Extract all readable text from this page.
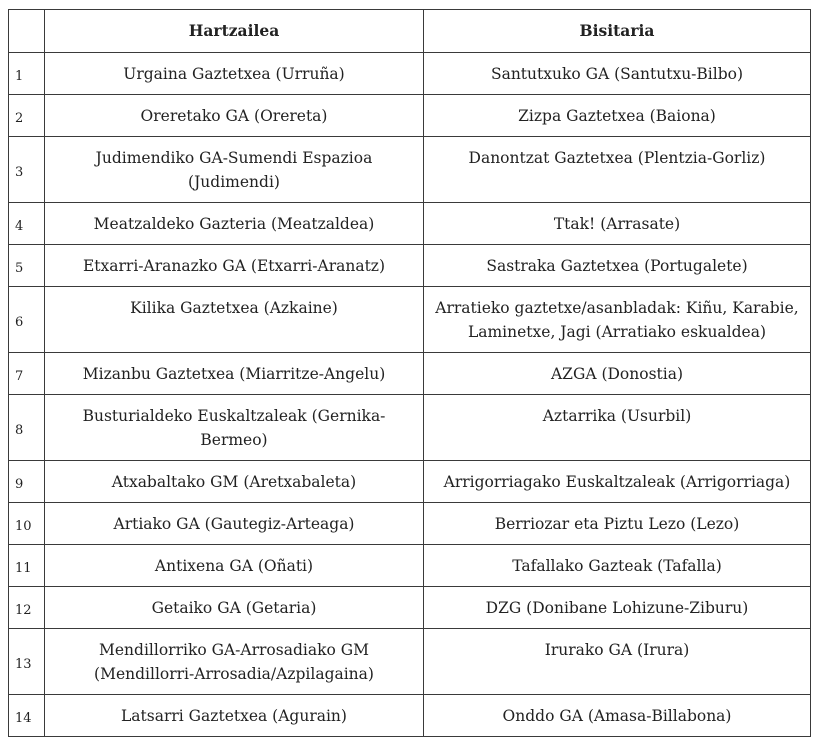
	Hartzailea	Bisitaria
1	Urgaina Gaztetxea (Urruña)	Santutxuko GA (Santutxu-Bilbo)
2	Oreretako GA (Orereta)	Zizpa Gaztetxea (Baiona)
3	Judimendiko GA-Sumendi Espazioa (Judimendi)	Danontzat Gaztetxea (Plentzia-Gorliz)
4	Meatzaldeko Gazteria (Meatzaldea)	Ttak! (Arrasate)
5	Etxarri-Aranazko GA (Etxarri-Aranatz)	Sastraka Gaztetxea (Portugalete)
6	Kilika Gaztetxea (Azkaine)	Arratieko gaztetxe/asanbladak: Kiñu, Karabie, Laminetxe, Jagi (Arratiako eskualdea)
7	Mizanbu Gaztetxea (Miarritze-Angelu)	AZGA (Donostia)
8	Busturialdeko Euskaltzaleak (Gernika-Bermeo)	Aztarrika (Usurbil)
9	Atxabaltako GM (Aretxabaleta)	Arrigorriagako Euskaltzaleak (Arrigorriaga)
10	Artiako GA (Gautegiz-Arteaga)	Berriozar eta Piztu Lezo (Lezo)
11	Antixena GA (Oñati)	Tafallako Gazteak (Tafalla)
12	Getaiko GA (Getaria)	DZG (Donibane Lohizune-Ziburu)
13	Mendillorriko GA-Arrosadiako GM (Mendillorri-Arrosadia/Azpilagaina)	Irurako GA (Irura)
14	Latsarri Gaztetxea (Agurain)	Onddo GA (Amasa-Billabona)
